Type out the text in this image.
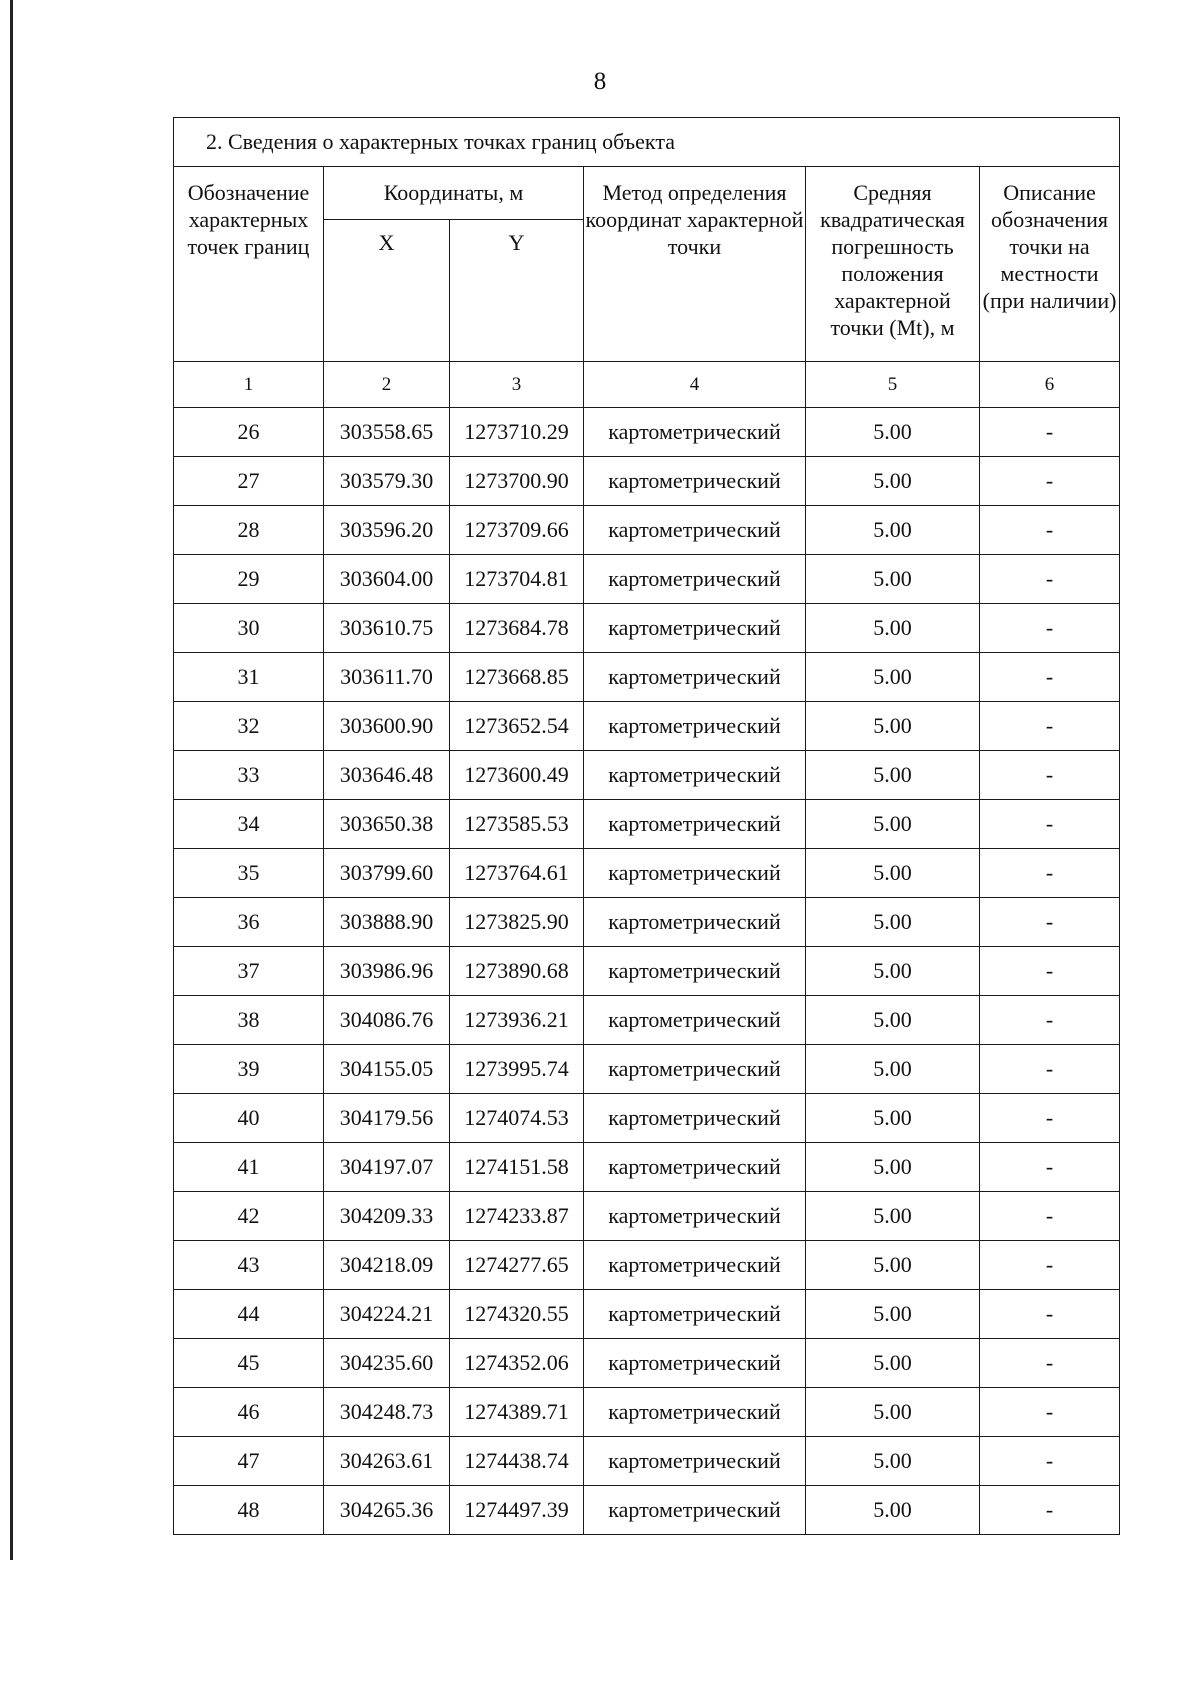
8
2. Сведения о характерных точках границ объекта					
Обозначение характерных точек границ	Координаты, м		Метод определения координат характерной точки	Средняя квадратическая погрешность положения характерной точки (Mt), м	Описание обозначения точки на местности (при наличии)
	X	Y			
1	2	3	4	5	6
26	303558.65	1273710.29	картометрический	5.00	-
27	303579.30	1273700.90	картометрический	5.00	-
28	303596.20	1273709.66	картометрический	5.00	-
29	303604.00	1273704.81	картометрический	5.00	-
30	303610.75	1273684.78	картометрический	5.00	-
31	303611.70	1273668.85	картометрический	5.00	-
32	303600.90	1273652.54	картометрический	5.00	-
33	303646.48	1273600.49	картометрический	5.00	-
34	303650.38	1273585.53	картометрический	5.00	-
35	303799.60	1273764.61	картометрический	5.00	-
36	303888.90	1273825.90	картометрический	5.00	-
37	303986.96	1273890.68	картометрический	5.00	-
38	304086.76	1273936.21	картометрический	5.00	-
39	304155.05	1273995.74	картометрический	5.00	-
40	304179.56	1274074.53	картометрический	5.00	-
41	304197.07	1274151.58	картометрический	5.00	-
42	304209.33	1274233.87	картометрический	5.00	-
43	304218.09	1274277.65	картометрический	5.00	-
44	304224.21	1274320.55	картометрический	5.00	-
45	304235.60	1274352.06	картометрический	5.00	-
46	304248.73	1274389.71	картометрический	5.00	-
47	304263.61	1274438.74	картометрический	5.00	-
48	304265.36	1274497.39	картометрический	5.00	-
